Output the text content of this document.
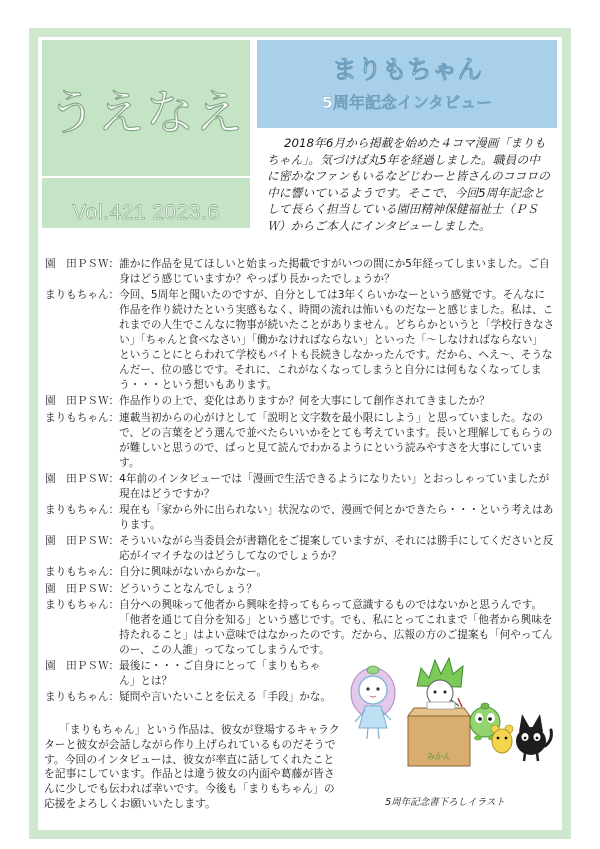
うえなえ
Vol.421 2023.6
まりもちゃん
5周年記念インタビュー
2018年6月から掲載を始めた４コマ漫画「まりも
ちゃん」。気づけば丸5年を経過しました。職員の中
に密かなファンもいるなどじわーと皆さんのココロの
中に響いているようです。そこで、今回5周年記念と
して長らく担当している園田精神保健福祉士（ＰＳ
Ｗ）からご本人にインタビューしました。
園　田ＰＳＷ： 誰かに作品を見てほしいと始まった掲載ですがいつの間にか5年経ってしまいました。ご自
身はどう感じていますか？やっぱり長かったでしょうか？
まりもちゃん： 今回、5周年と聞いたのですが、自分としては3年くらいかなーという感覚です。そんなに
作品を作り続けたという実感もなく、時間の流れは怖いものだなーと感じました。私は、こ
れまでの人生でこんなに物事が続いたことがありません。どちらかというと「学校行きなさ
い」「ちゃんと食べなさい」「働かなければならない」といった「～しなければならない」
ということにとらわれて学校もバイトも長続きしなかったんです。だから、へえ～、そうな
んだー、位の感じです。それに、これがなくなってしまうと自分には何もなくなってしま
う・・・という想いもあります。
園　田ＰＳＷ： 作品作りの上で、変化はありますか？何を大事にして創作されてきましたか？
まりもちゃん： 連載当初からの心がけとして「説明と文字数を最小限にしよう」と思っていました。なの
で、どの言葉をどう選んで並べたらいいかをとても考えています。長いと理解してもらうの
が難しいと思うので、ぱっと見て読んでわかるようにという読みやすさを大事にしていま
す。
園　田ＰＳＷ： 4年前のインタビューでは「漫画で生活できるようになりたい」とおっしゃっていましたが
現在はどうですか？
まりもちゃん： 現在も「家から外に出られない」状況なので、漫画で何とかできたら・・・という考えはあ
ります。
園　田ＰＳＷ： そういいながら当委員会が書籍化をご提案していますが、それには勝手にしてくださいと反
応がイマイチなのはどうしてなのでしょうか？
まりもちゃん： 自分に興味がないからかなー。
園　田ＰＳＷ： どういうことなんでしょう？
まりもちゃん： 自分への興味って他者から興味を持ってもらって意識するものではないかと思うんです。
「他者を通じて自分を知る」という感じです。でも、私にとってこれまで「他者から興味を
持たれること」はよい意味ではなかったのです。だから、広報の方のご提案も「何やってん
のー、この人誰」ってなってしまうんです。
園　田ＰＳＷ： 最後に・・・ご自身にとって「まりもちゃ
ん」とは？
まりもちゃん： 疑問や言いたいことを伝える「手段」かな。
「まりもちゃん」という作品は、彼女が登場するキャラク
ターと彼女が会話しながら作り上げられているものだそうで
す。今回のインタビューは、彼女が率直に話してくれたこと
を記事にしています。作品とは違う彼女の内面や葛藤が皆さ
んに少しでも伝われば幸いです。今後も「まりもちゃん」の
応援をよろしくお願いいたします。
みかん
5周年記念書下ろしイラスト
